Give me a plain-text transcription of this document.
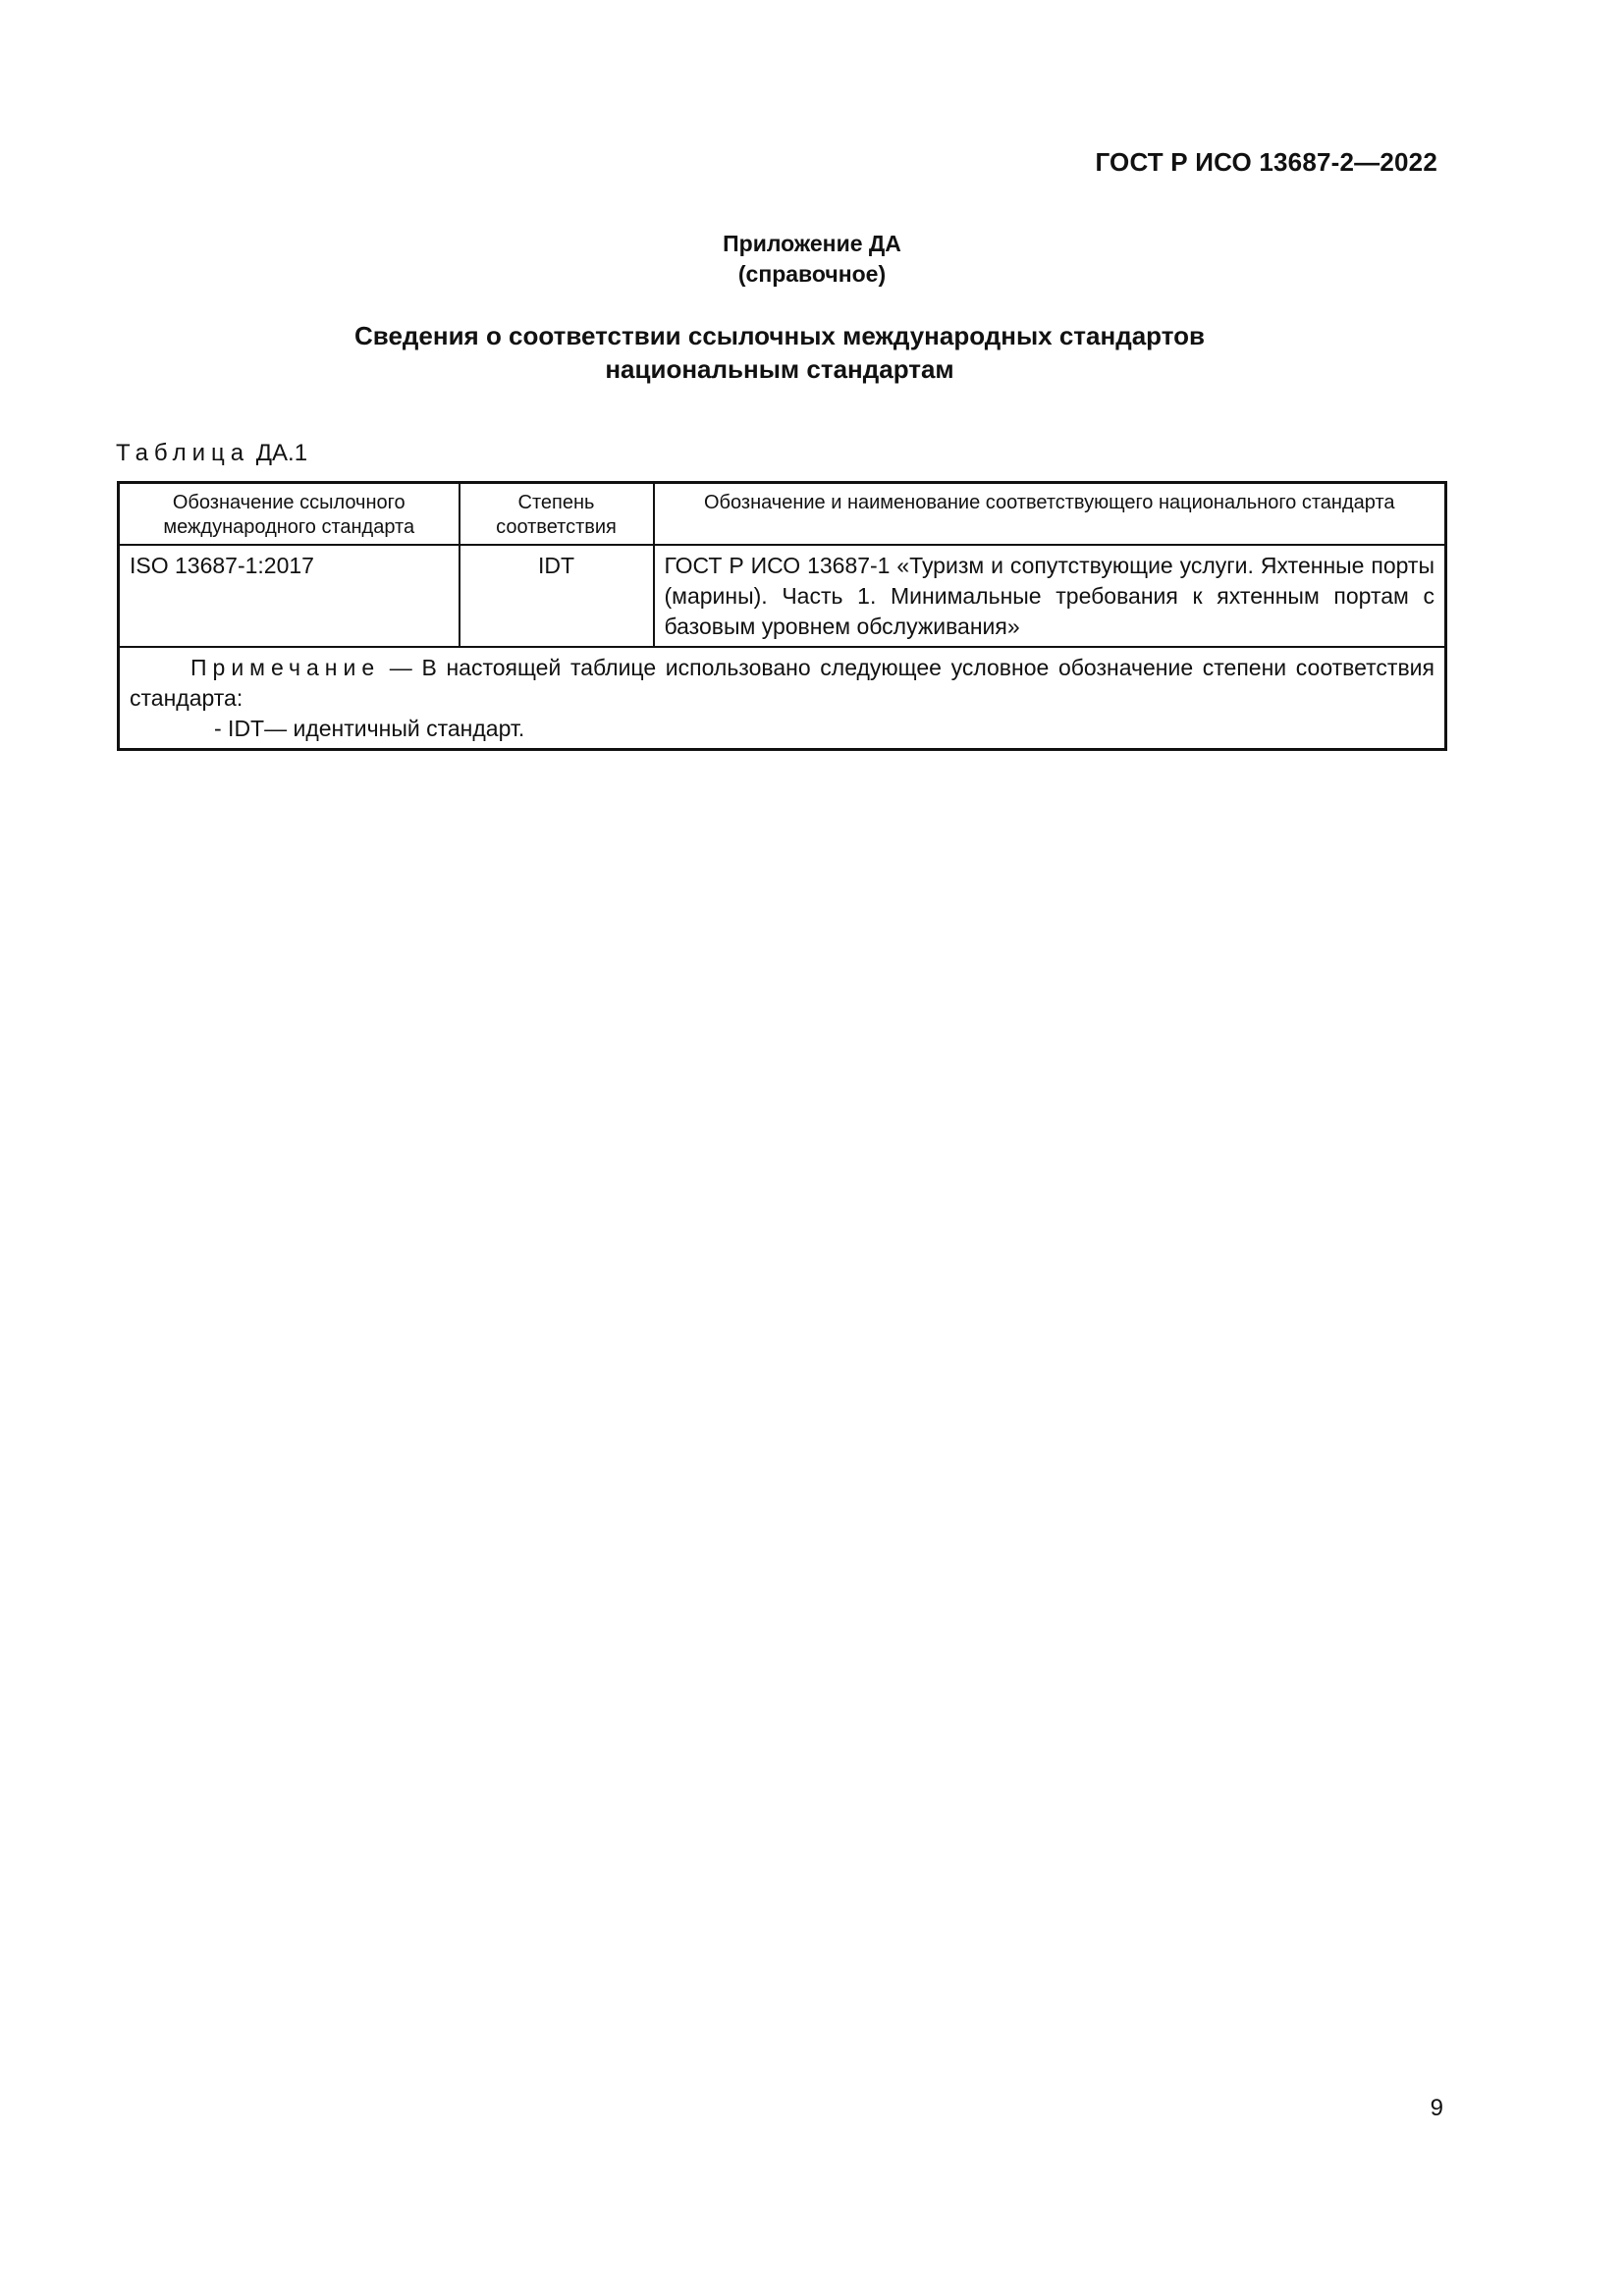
ГОСТ Р ИСО 13687-2—2022
Приложение ДА
(справочное)
Сведения о соответствии ссылочных международных стандартов
национальным стандартам
Таблица ДА.1
Обозначение ссылочного международного стандарта	Степень соответствия	Обозначение и наименование соответствующего национального стандарта
ISO 13687-1:2017	IDT	ГОСТ Р ИСО 13687-1 «Туризм и сопутствующие услуги. Яхтенные порты (марины). Часть 1. Минимальные требования к яхтенным портам с базовым уровнем обслуживания»

Примечание — В настоящей таблице использовано следующее условное обозначение степени соответствия стандарта:
- IDT— идентичный стандарт.		
9
